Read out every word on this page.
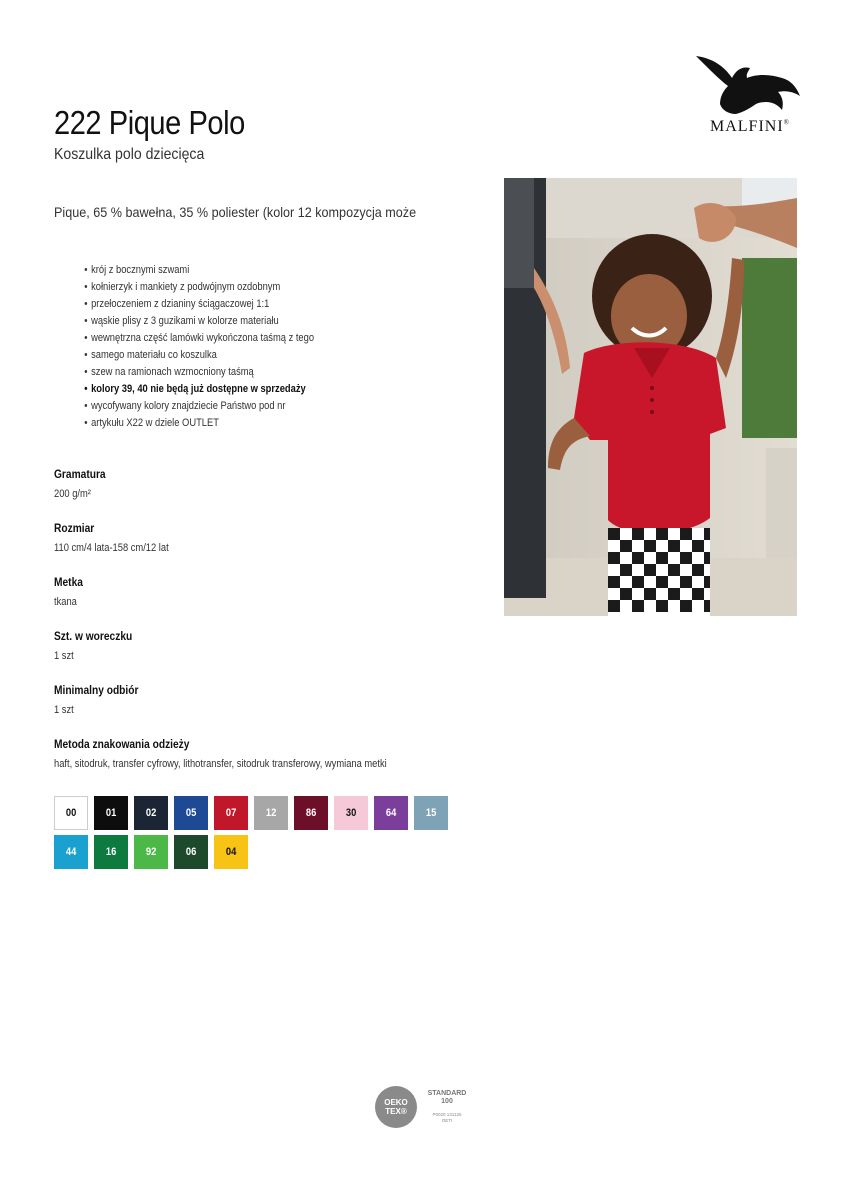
222 Pique Polo
Koszulka polo dziecięca
Pique, 65 % bawełna, 35 % poliester (kolor 12 kompozycja może
MALFINI®
• krój z bocznymi szwami
• kołnierzyk i mankiety z podwójnym ozdobnym
• przełoczeniem z dzianiny ściągaczowej 1:1
• wąskie plisy z 3 guzikami w kolorze materiału
• wewnętrzna część lamówki wykończona taśmą z tego
• samego materiału co koszulka
• szew na ramionach wzmocniony taśmą
• kolory 39, 40 nie będą już dostępne w sprzedaży
• wycofywany kolory znajdziecie Państwo pod nr
• artykułu X22 w dziele OUTLET
Gramatura
200 g/m²
Rozmiar
110 cm/4 lata-158 cm/12 lat
Metka
tkana
Szt. w woreczku
1 szt
Minimalny odbiór
1 szt
Metoda znakowania odzieży
haft, sitodruk, transfer cyfrowy, lithotransfer, sitodruk transferowy, wymiana metki
00	01	02	05	07	12	86	30	64	15
44	16	92	06	04
OEKO
TEX®
STANDARD
100
P0020 131125
OETI
